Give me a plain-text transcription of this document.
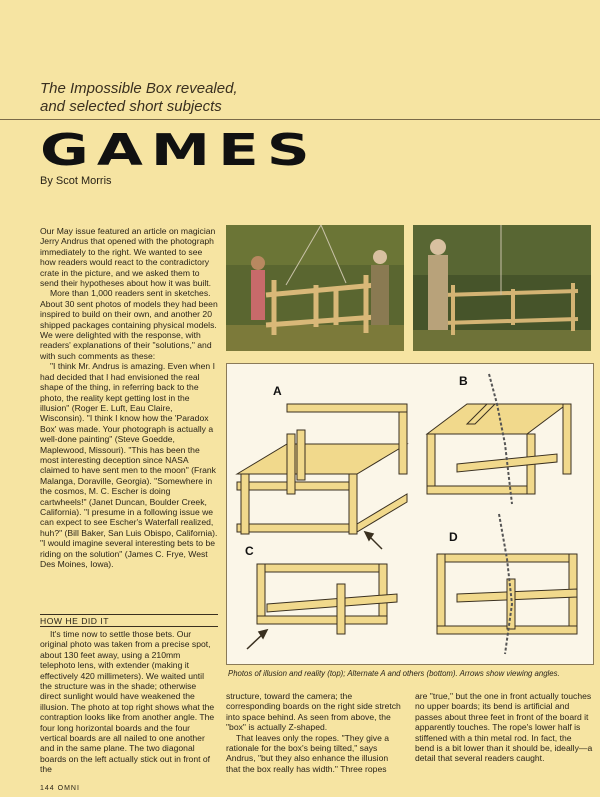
The Impossible Box revealed,
and selected short subjects
GAMES
By Scot Morris

Our May issue featured an article on magician Jerry Andrus that opened with the photograph immediately to the right. We wanted to see how readers would react to the contradictory crate in the picture, and we asked them to send their hypotheses about how it was built.

More than 1,000 readers sent in sketches. About 30 sent photos of models they had been inspired to build on their own, and another 20 shipped packages containing physical models. We were delighted with the response, with readers' explanations of their "solutions," and with such comments as these:

"I think Mr. Andrus is amazing. Even when I had decided that I had envisioned the real shape of the thing, in referring back to the photo, the reality kept getting lost in the illusion" (Roger E. Luft, Eau Claire, Wisconsin). "I think I know how the 'Paradox Box' was made. Your photograph is actually a well-done painting" (Steve Goedde, Maplewood, Missouri). "This has been the most interesting deception since NASA claimed to have sent men to the moon" (Frank Malanga, Doraville, Georgia). "Somewhere in the cosmos, M. C. Escher is doing cartwheels!" (Janet Duncan, Boulder Creek, California). "I presume in a following issue we can expect to see Escher's Waterfall realized, huh?" (Bill Baker, San Luis Obispo, California). "I would imagine several interesting bets to be riding on the solution" (James C. Frye, West Des Moines, Iowa).

HOW HE DID IT

It's time now to settle those bets. Our original photo was taken from a precise spot, about 130 feet away, using a 210mm telephoto lens, with extender (making it effectively 420 millimeters). We waited until the structure was in the shade; otherwise direct sunlight would have weakened the illusion. The photo at top right shows what the contraption looks like from another angle. The four long horizontal boards and the four vertical boards are all nailed to one another and in the same plane. The two diagonal boards on the left actually stick out in front of the

A
B
C
D
Photos of illusion and reality (top); Alternate A and others (bottom). Arrows show viewing angles.

structure, toward the camera; the corresponding boards on the right side stretch into space behind. As seen from above, the "box" is actually Z-shaped.

That leaves only the ropes. "They give a rationale for the box's being tilted," says Andrus, "but they also enhance the illusion that the box really has width." Three ropes

are "true," but the one in front actually touches no upper boards; its bend is artificial and passes about three feet in front of the board it apparently touches. The rope's lower half is stiffened with a thin metal rod. In fact, the bend is a bit lower than it should be, ideally—a detail that several readers caught.

144 OMNI
